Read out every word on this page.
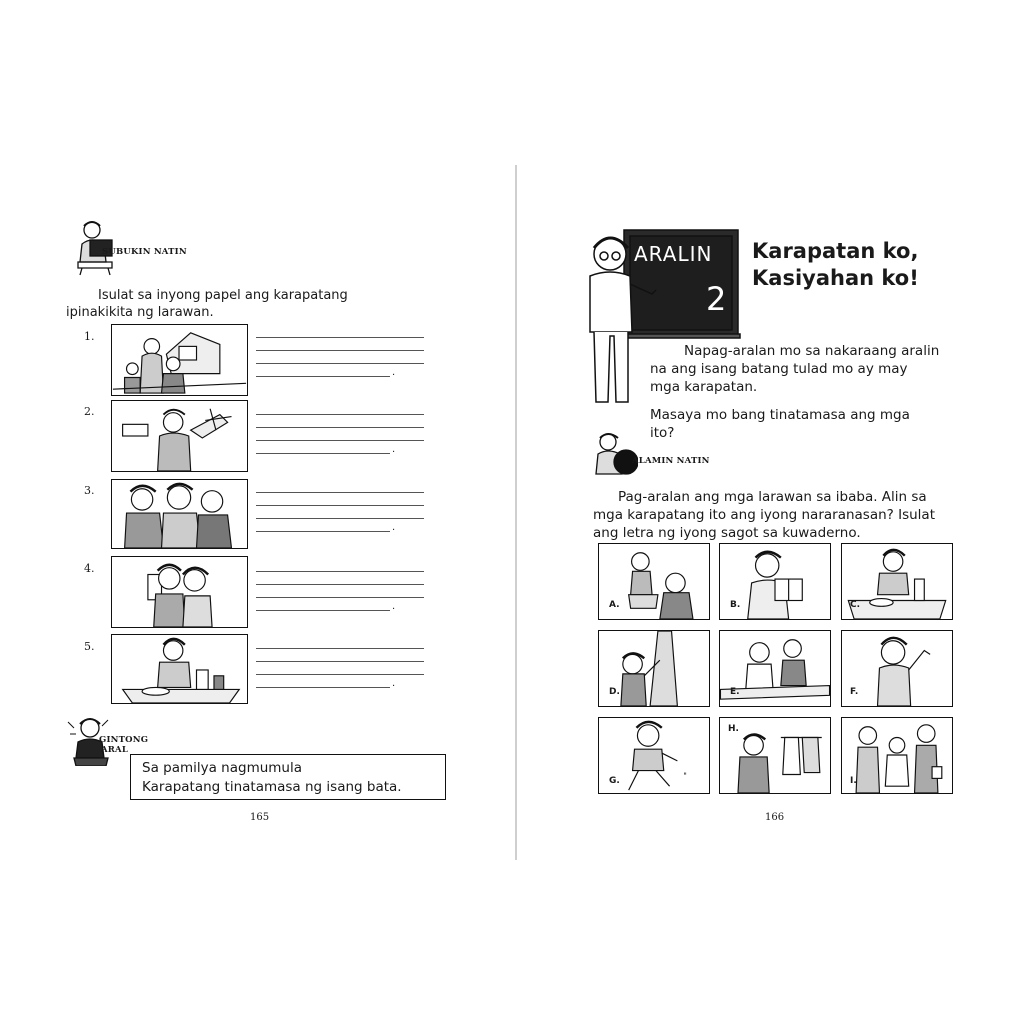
SUBUKIN NATIN
Isulat sa inyong papel ang karapatang
ipinakikita ng larawan.
1.
.
2.
.
3.
.
4.
.
5.
.
GINTONG
ARAL
Sa pamilya nagmumula
Karapatang tinatamasa ng isang bata.
165
ARALIN
2
Karapatan ko,
Kasiyahan ko!
Napag-aralan mo sa nakaraang aralin
na ang isang batang tulad mo ay may
mga karapatan.
Masaya mo bang tinatamasa ang mga
ito?
ALAMIN NATIN
Pag-aralan ang mga larawan sa ibaba. Alin sa
mga karapatang ito ang iyong nararanasan? Isulat
ang letra ng iyong sagot sa kuwaderno.
A.	B.	C.
D.	E.	F.
"
G.
H.
I.
166
